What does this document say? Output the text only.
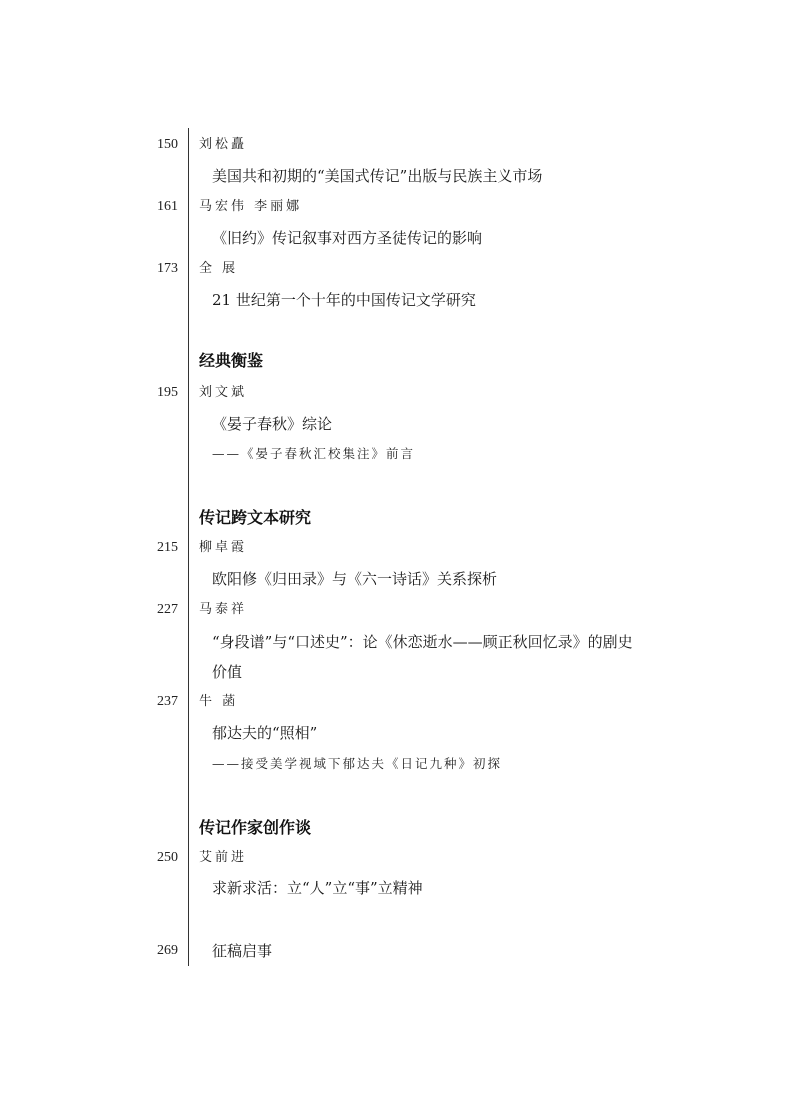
150 刘松矗
美国共和初期的“美国式传记”出版与民族主义市场
161 马宏伟 李丽娜
《旧约》传记叙事对西方圣徒传记的影响
173 全 展
21 世纪第一个十年的中国传记文学研究
经典衡鉴
195 刘文斌
《晏子春秋》综论
——《晏子春秋汇校集注》前言
传记跨文本研究
215 柳卓霞
欧阳修《归田录》与《六一诗话》关系探析
227 马泰祥
“身段谱”与“口述史”：论《休恋逝水——顾正秋回忆录》的剧史价值
237 牛 菡
郁达夫的“照相”
——接受美学视域下郁达夫《日记九种》初探
传记作家创作谈
250 艾前进
求新求活：立“人”立“事”立精神
269 征稿启事
